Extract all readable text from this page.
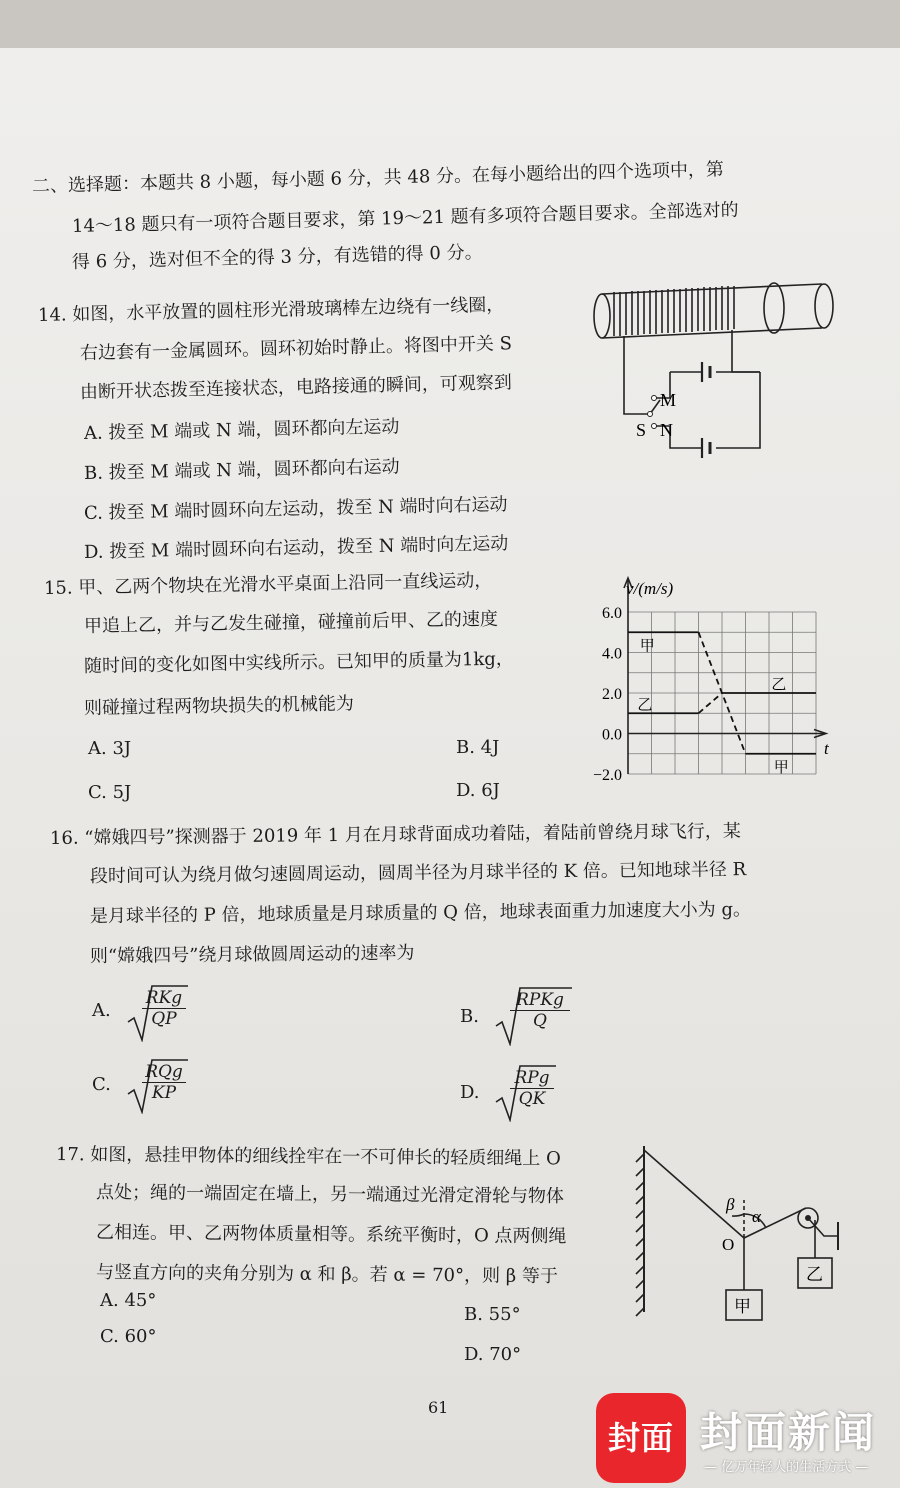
二、选择题：本题共 8 小题，每小题 6 分，共 48 分。在每小题给出的四个选项中，第
14～18 题只有一项符合题目要求，第 19～21 题有多项符合题目要求。全部选对的
得 6 分，选对但不全的得 3 分，有选错的得 0 分。
14. 如图，水平放置的圆柱形光滑玻璃棒左边绕有一线圈，
右边套有一金属圆环。圆环初始时静止。将图中开关 S
由断开状态拨至连接状态，电路接通的瞬间，可观察到
A. 拨至 M 端或 N 端，圆环都向左运动
B. 拨至 M 端或 N 端，圆环都向右运动
C. 拨至 M 端时圆环向左运动，拨至 N 端时向右运动
D. 拨至 M 端时圆环向右运动，拨至 N 端时向左运动
M
N
S
15. 甲、乙两个物块在光滑水平桌面上沿同一直线运动，
甲追上乙，并与乙发生碰撞，碰撞前后甲、乙的速度
随时间的变化如图中实线所示。已知甲的质量为1kg，
则碰撞过程两物块损失的机械能为
A. 3J	B. 4J
C. 5J	D. 6J
6.0
4.0
2.0
0.0
−2.0
甲
甲
乙
乙
v/(m/s)
t
16. “嫦娥四号”探测器于 2019 年 1 月在月球背面成功着陆，着陆前曾绕月球飞行，某
段时间可认为绕月做匀速圆周运动，圆周半径为月球半径的 K 倍。已知地球半径 R
是月球半径的 P 倍，地球质量是月球质量的 Q 倍，地球表面重力加速度大小为 g。
则“嫦娥四号”绕月球做圆周运动的速率为
A.
RKg
QP	B.
RPKg
Q
C.
RQg
KP	D.
RPg
QK
17. 如图，悬挂甲物体的细线拴牢在一不可伸长的轻质细绳上 O
点处；绳的一端固定在墙上，另一端通过光滑定滑轮与物体
乙相连。甲、乙两物体质量相等。系统平衡时，O 点两侧绳
与竖直方向的夹角分别为 α 和 β。若 α = 70°，则 β 等于
A. 45°
B. 55°
C. 60°
D. 70°
O
α
β
甲
乙
61
封面 封面新闻
— 亿万年轻人的生活方式 —
